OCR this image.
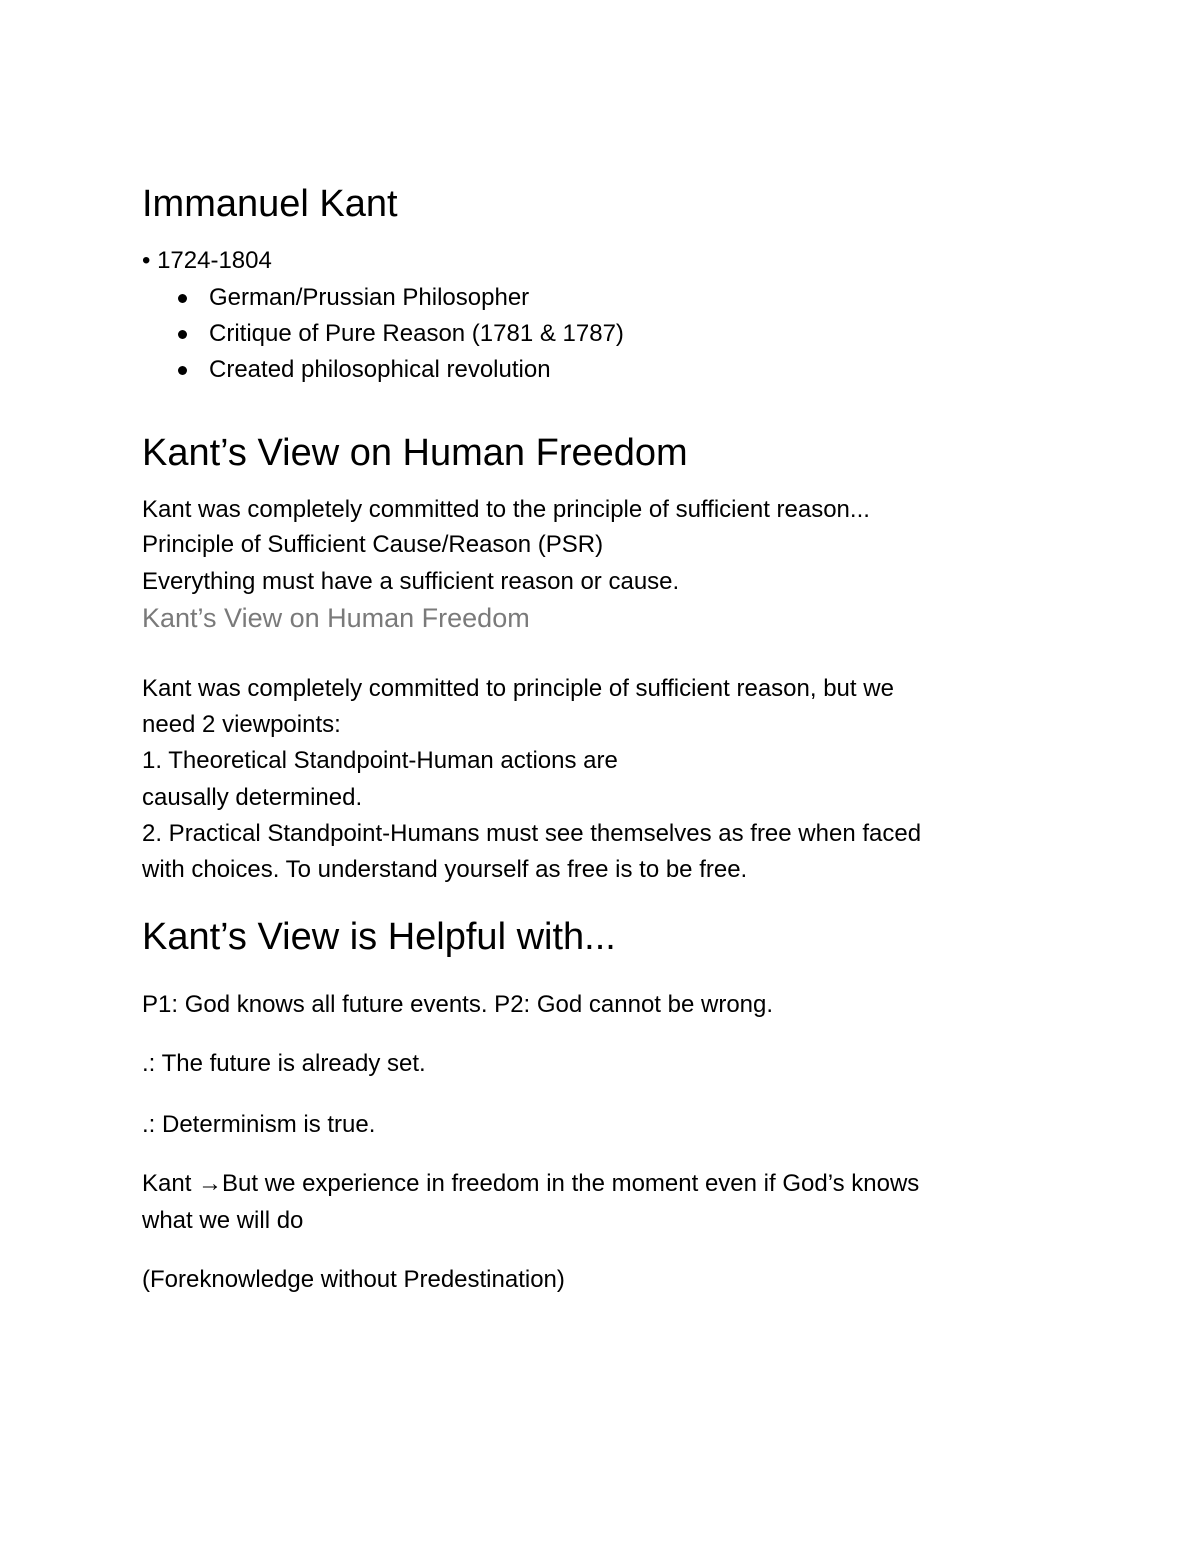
Immanuel Kant
• 1724-1804
German/Prussian Philosopher
Critique of Pure Reason (1781 & 1787)
Created philosophical revolution
Kant’s View on Human Freedom
Kant was completely committed to the principle of sufficient reason...
Principle of Sufficient Cause/Reason (PSR)
Everything must have a sufficient reason or cause.
Kant’s View on Human Freedom
Kant was completely committed to principle of sufficient reason, but we
need 2 viewpoints:
1. Theoretical Standpoint-Human actions are
causally determined.
2. Practical Standpoint-Humans must see themselves as free when faced
with choices. To understand yourself as free is to be free.
Kant’s View is Helpful with...
P1: God knows all future events. P2: God cannot be wrong.
.: The future is already set.
.: Determinism is true.
Kant →But we experience in freedom in the moment even if God’s knows
what we will do
(Foreknowledge without Predestination)
